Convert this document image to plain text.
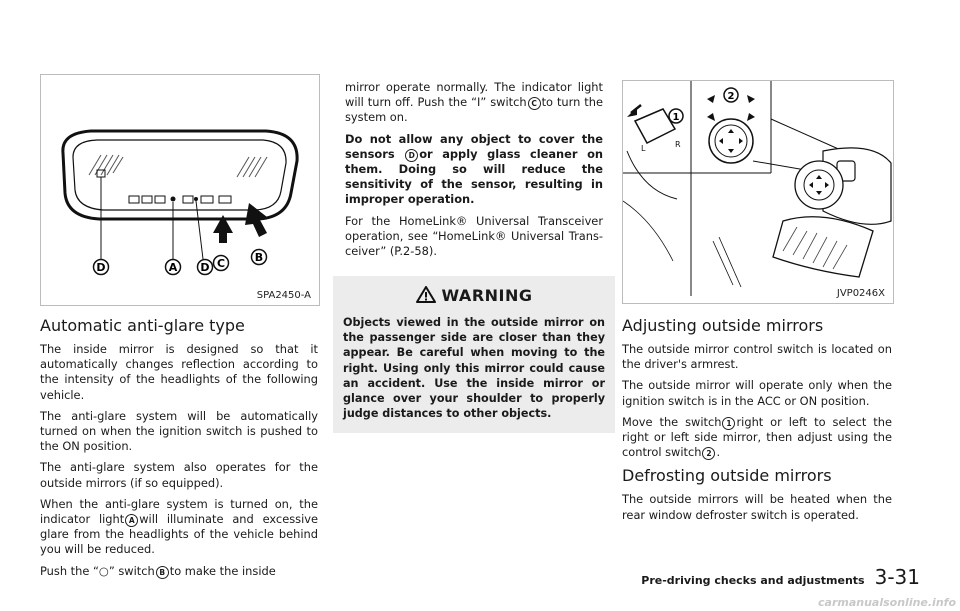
D	A D C	B
SPA2450-A
Automatic anti-glare type

The inside mirror is designed so that it automatically changes reflection according to the intensity of the headlights of the following vehicle.

The anti-glare system will be automatically turned on when the ignition switch is pushed to the ON position.

The anti-glare system also operates for the outside mirrors (if so equipped).

When the anti-glare system is turned on, the indicator light A will illuminate and excessive glare from the headlights of the vehicle behind you will be reduced.

Push the “○” switch B to make the inside

mirror operate normally. The indicator light will turn off. Push the “I” switch C to turn the system on.

Do not allow any object to cover the sensors D or apply glass cleaner on them. Doing so will reduce the sensitivity of the sensor, resulting in improper operation.

For the HomeLink® Universal Transceiver operation, see “HomeLink® Universal Trans-ceiver” (P.2-58).

WARNING

Objects viewed in the outside mirror on the passenger side are closer than they appear. Be careful when moving to the right. Using only this mirror could cause an accident. Use the inside mirror or glance over your shoulder to properly judge distances to other objects.

L	R
1
2
JVP0246X
Adjusting outside mirrors

The outside mirror control switch is located on the driver's armrest.

The outside mirror will operate only when the ignition switch is in the ACC or ON position.

Move the switch 1 right or left to select the right or left side mirror, then adjust using the control switch 2 .

Defrosting outside mirrors

The outside mirrors will be heated when the rear window defroster switch is operated.

Pre-driving checks and adjustments 3-31
carmanualsonline.info
